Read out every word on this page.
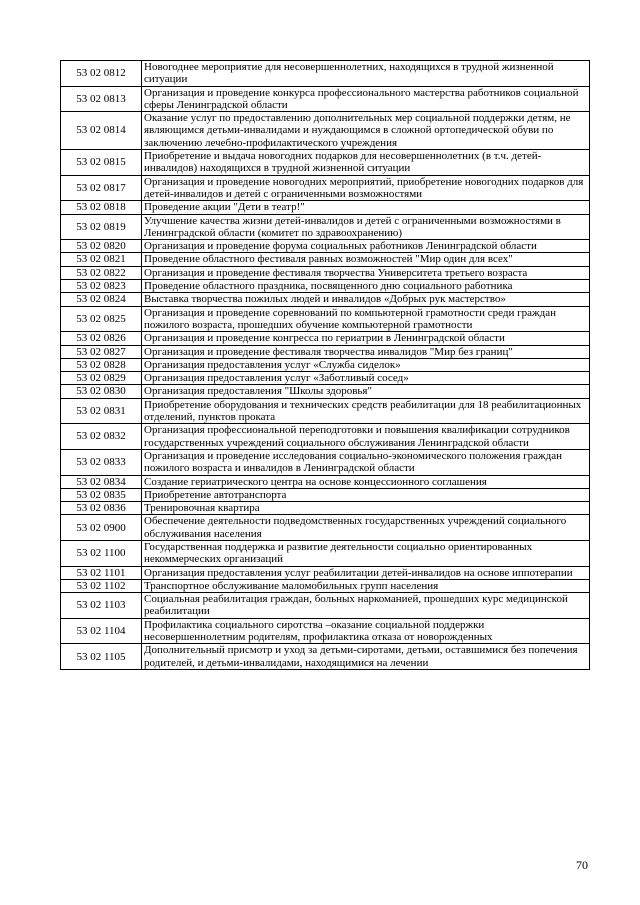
53 02 0812	Новогоднее мероприятие для несовершеннолетних, находящихся в трудной жизненной ситуации
53 02 0813	Организация и проведение конкурса профессионального мастерства работников социальной сферы Ленинградской области
53 02 0814	Оказание услуг по предоставлению дополнительных мер социальной поддержки детям, не являющимся детьми-инвалидами и нуждающимся в сложной ортопедической обуви по заключению лечебно-профилактического учреждения
53 02 0815	Приобретение и выдача новогодних подарков для несовершеннолетних (в т.ч. детей-инвалидов) находящихся в трудной жизненной ситуации
53 02 0817	Организация и проведение новогодних мероприятий, приобретение новогодних подарков для детей-инвалидов и детей с ограниченными возможностями
53 02 0818	Проведение акции "Дети в театр!"
53 02 0819	Улучшение качества жизни детей-инвалидов и детей с ограниченными возможностями в Ленинградской области (комитет по здравоохранению)
53 02 0820	Организация и проведение форума социальных работников Ленинградской области
53 02 0821	Проведение областного фестиваля равных возможностей "Мир один для всех"
53 02 0822	Организация и проведение фестиваля творчества Университета третьего возраста
53 02 0823	Проведение областного праздника, посвященного дню социального работника
53 02 0824	Выставка творчества пожилых людей и инвалидов «Добрых рук мастерство»
53 02 0825	Организация и проведение соревнований по компьютерной грамотности среди граждан пожилого возраста, прошедших обучение компьютерной грамотности
53 02 0826	Организация и проведение конгресса по гериатрии в Ленинградской области
53 02 0827	Организация и проведение фестиваля творчества инвалидов "Мир без границ"
53 02 0828	Организация предоставления услуг «Служба сиделок»
53 02 0829	Организация предоставления услуг «Заботливый сосед»
53 02 0830	Организация предоставления "Школы здоровья"
53 02 0831	Приобретение оборудования и технических средств реабилитации для 18 реабилитационных отделений, пунктов проката
53 02 0832	Организация профессиональной переподготовки и повышения квалификации сотрудников государственных учреждений социального обслуживания Ленинградской области
53 02 0833	Организация и проведение исследования социально-экономического положения граждан пожилого возраста и инвалидов в Ленинградской области
53 02 0834	Создание гериатрического центра на основе концессионного соглашения
53 02 0835	Приобретение автотранспорта
53 02 0836	Тренировочная квартира
53 02 0900	Обеспечение деятельности подведомственных государственных учреждений социального обслуживания населения
53 02 1100	Государственная поддержка и развитие деятельности социально ориентированных некоммерческих организаций
53 02 1101	Организация предоставления услуг реабилитации детей-инвалидов на основе иппотерапии
53 02 1102	Транспортное обслуживание маломобильных групп населения
53 02 1103	Социальная реабилитация граждан, больных наркоманией, прошедших курс медицинской реабилитации
53 02 1104	Профилактика социального сиротства –оказание социальной поддержки несовершеннолетним родителям, профилактика отказа от новорожденных
53 02 1105	Дополнительный присмотр и уход за детьми-сиротами, детьми, оставшимися без попечения родителей, и детьми-инвалидами, находящимися на лечении
70
